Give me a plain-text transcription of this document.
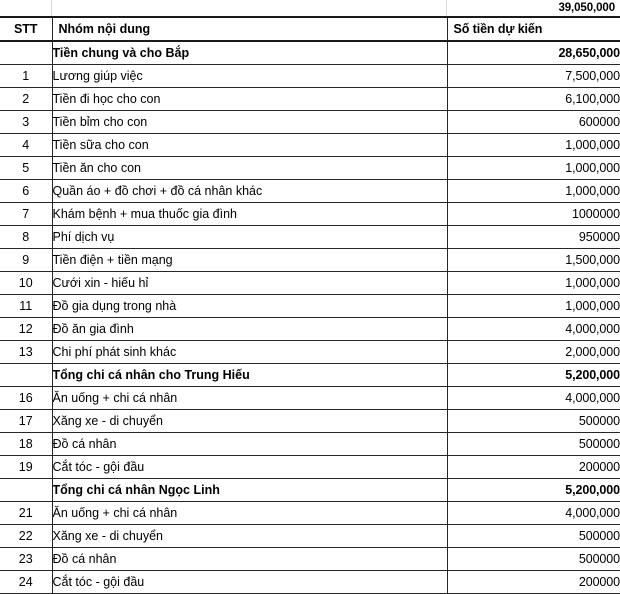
39,050,000
STT	Nhóm nội dung	Số tiền dự kiến
	Tiền chung và cho Bắp	28,650,000
1	Lương giúp việc	7,500,000
2	Tiền đi học cho con	6,100,000
3	Tiền bỉm cho con	600000
4	Tiền sữa cho con	1,000,000
5	Tiền ăn cho con	1,000,000
6	Quần áo + đồ chơi + đồ cá nhân khác	1,000,000
7	Khám bệnh + mua thuốc gia đình	1000000
8	Phí dịch vụ	950000
9	Tiền điện + tiền mạng	1,500,000
10	Cưới xin - hiếu hỉ	1,000,000
11	Đồ gia dụng trong nhà	1,000,000
12	Đồ ăn gia đình	4,000,000
13	Chi phí phát sinh khác	2,000,000
	Tổng chi cá nhân cho Trung Hiếu	5,200,000
16	Ăn uống + chi cá nhân	4,000,000
17	Xăng xe - di chuyển	500000
18	Đồ cá nhân	500000
19	Cắt tóc - gội đầu	200000
	Tổng chi cá nhân Ngọc Linh	5,200,000
21	Ăn uống + chi cá nhân	4,000,000
22	Xăng xe - di chuyển	500000
23	Đồ cá nhân	500000
24	Cắt tóc - gội đầu	200000
